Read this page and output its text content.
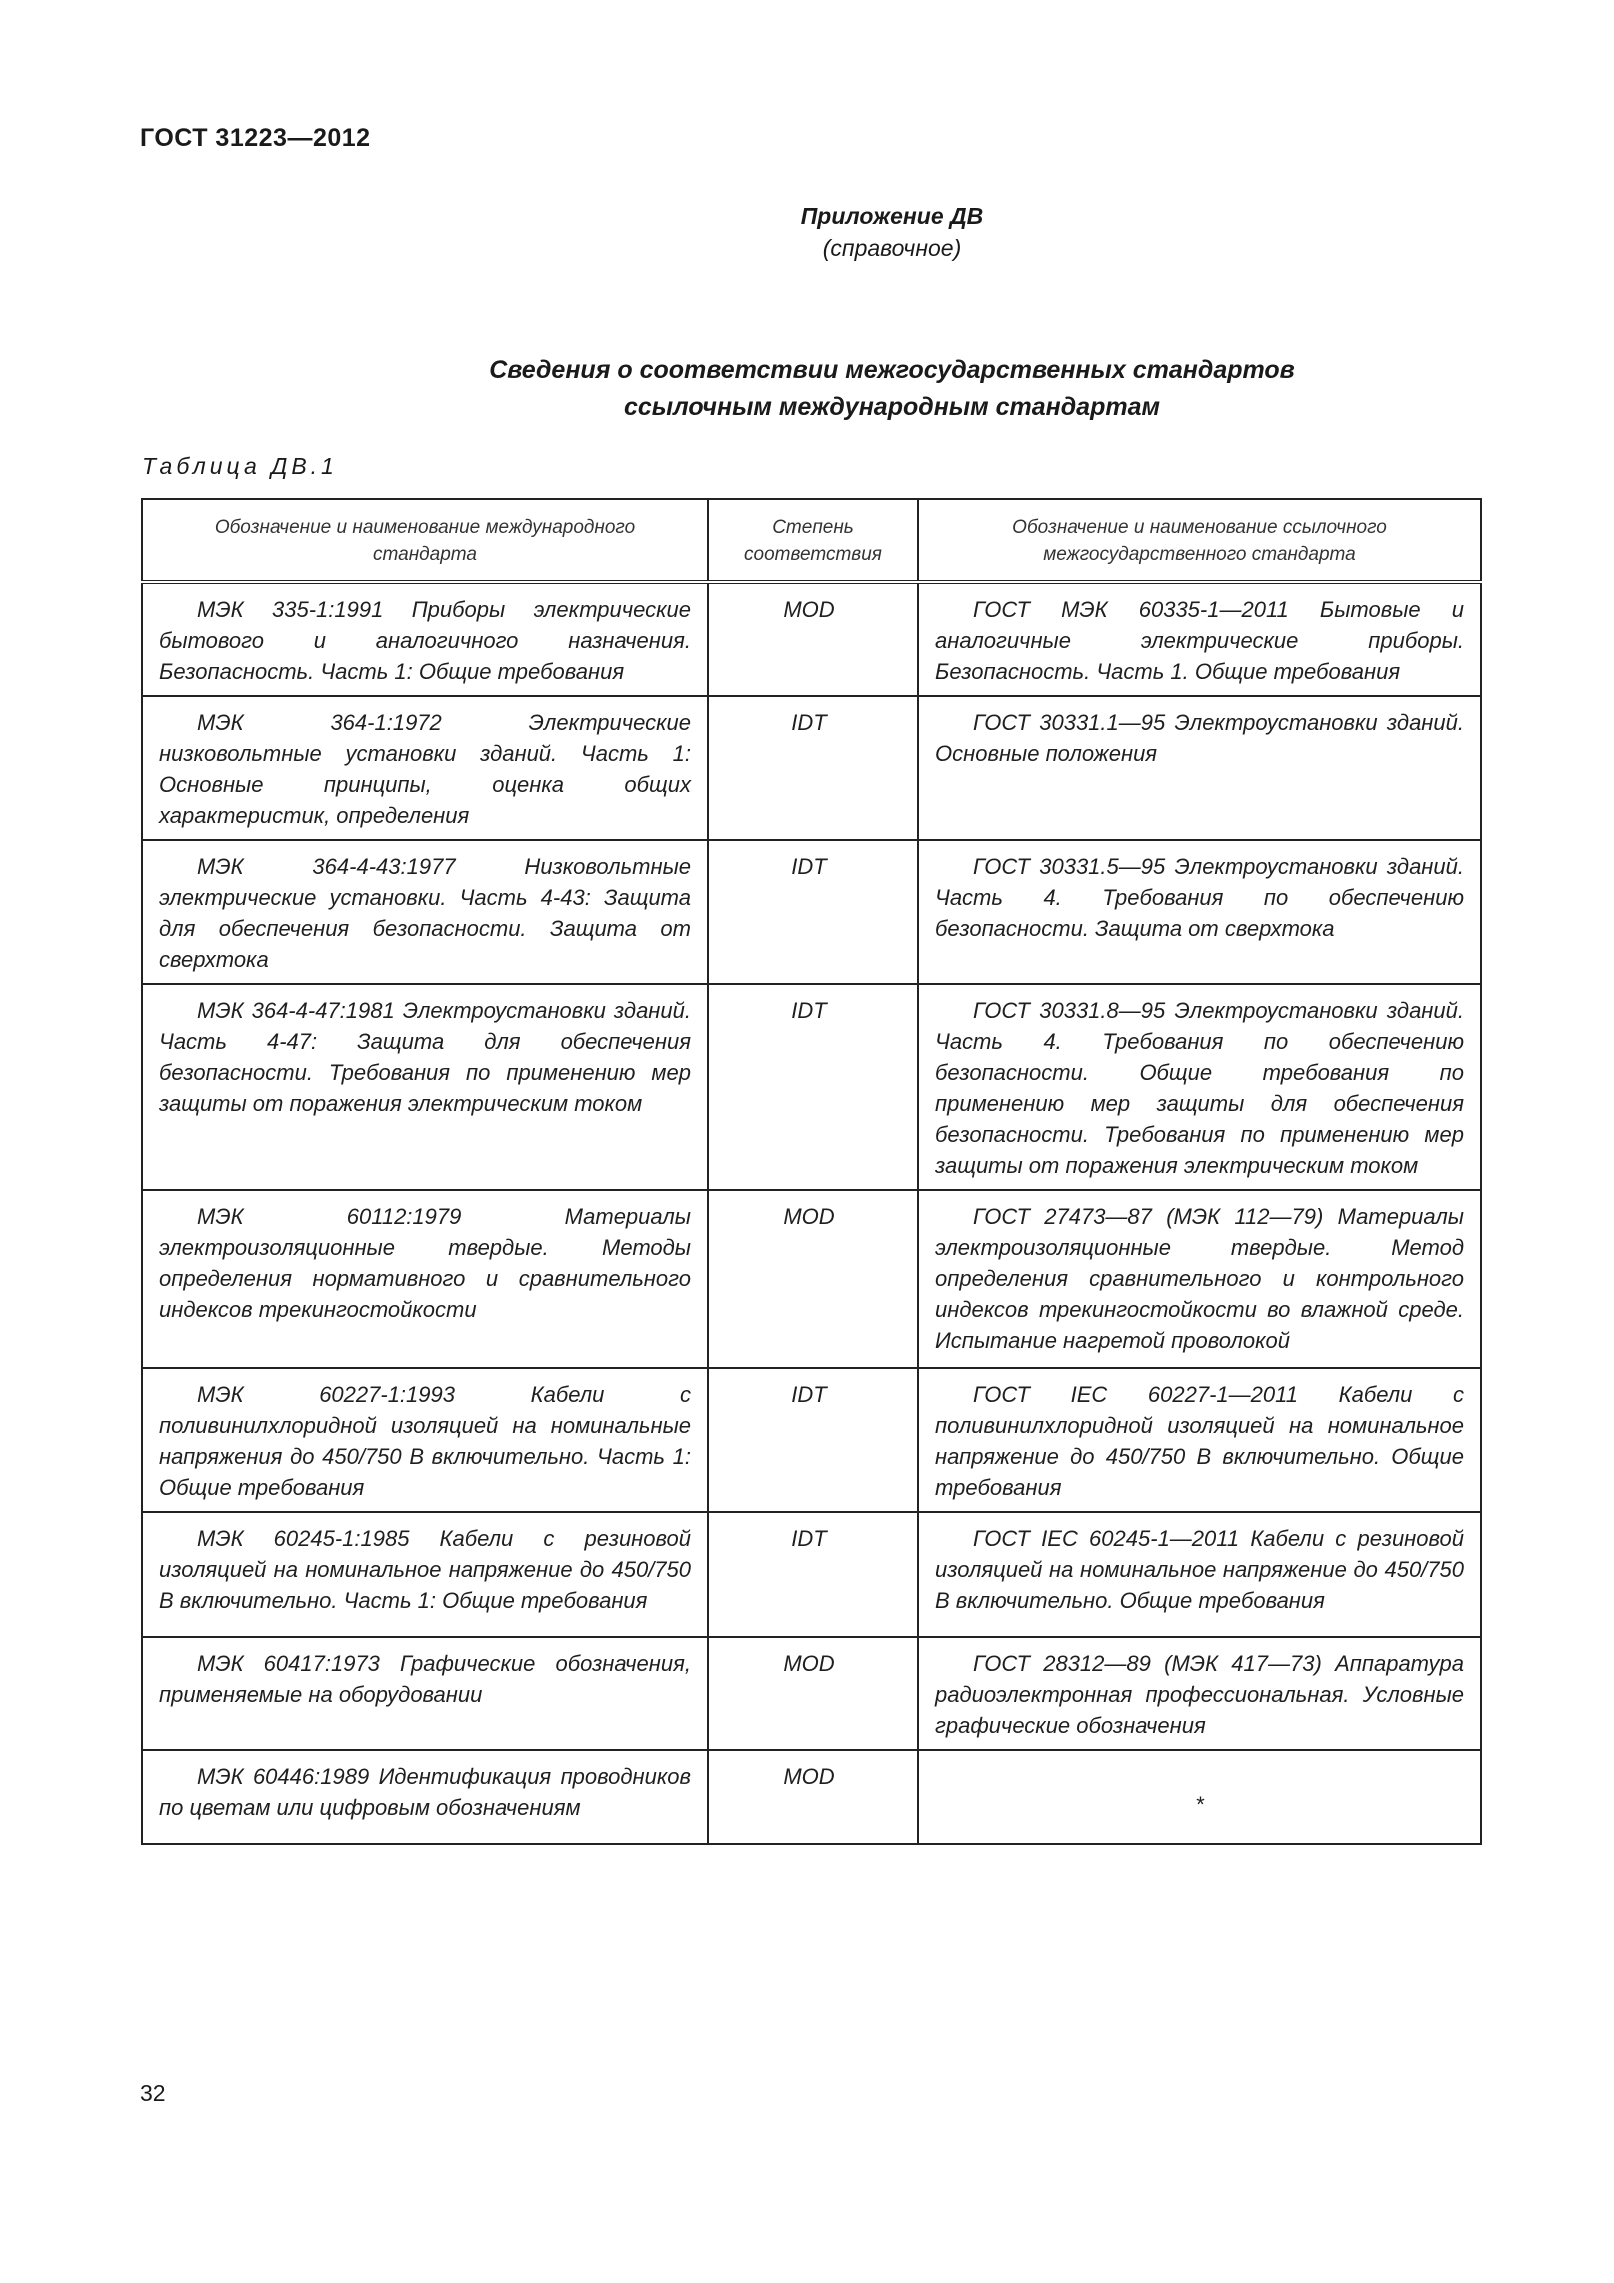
ГОСТ 31223—2012
Приложение ДВ
(справочное)
Сведения о соответствии межгосударственных стандартов
ссылочным международным стандартам
Таблица ДВ.1
Обозначение и наименование международного стандарта	Степень соответствия	Обозначение и наименование ссылочного межгосударственного стандарта

МЭК 335-1:1991 Приборы электрические бытового и аналогичного назначения. Безопасность. Часть 1: Общие требования	MOD	ГОСТ МЭК 60335-1—2011 Бытовые и аналогичные электрические приборы. Безопасность. Часть 1. Общие требования

МЭК 364-1:1972 Электрические низковольтные установки зданий. Часть 1: Основные принципы, оценка общих характеристик, определения	IDT	ГОСТ 30331.1—95 Электроустановки зданий. Основные положения

МЭК 364-4-43:1977 Низковольтные электрические установки. Часть 4-43: Защита для обеспечения безопасности. Защита от сверхтока	IDT	ГОСТ 30331.5—95 Электроустановки зданий. Часть 4. Требования по обеспечению безопасности. Защита от сверхтока

МЭК 364-4-47:1981 Электроустановки зданий. Часть 4-47: Защита для обеспечения безопасности. Требования по применению мер защиты от поражения электрическим током	IDT	ГОСТ 30331.8—95 Электроустановки зданий. Часть 4. Требования по обеспечению безопасности. Общие требования по применению мер защиты для обеспечения безопасности. Требования по применению мер защиты от поражения электрическим током

МЭК 60112:1979 Материалы электроизоляционные твердые. Методы определения нормативного и сравнительного индексов трекингостойкости	MOD	ГОСТ 27473—87 (МЭК 112—79) Материалы электроизоляционные твердые. Метод определения сравнительного и контрольного индексов трекингостойкости во влажной среде. Испытание нагретой проволокой

МЭК 60227-1:1993 Кабели с поливинилхлоридной изоляцией на номинальные напряжения до 450/750 В включительно. Часть 1: Общие требования	IDT	ГОСТ IEC 60227-1—2011 Кабели с поливинилхлоридной изоляцией на номинальное напряжение до 450/750 В включительно. Общие требования

МЭК 60245-1:1985 Кабели с резиновой изоляцией на номинальное напряжение до 450/750 В включительно. Часть 1: Общие требования	IDT	ГОСТ IEC 60245-1—2011 Кабели с резиновой изоляцией на номинальное напряжение до 450/750 В включительно. Общие требования

МЭК 60417:1973 Графические обозначения, применяемые на оборудовании	MOD	ГОСТ 28312—89 (МЭК 417—73) Аппаратура радиоэлектронная профессиональная. Условные графические обозначения

МЭК 60446:1989 Идентификация проводников по цветам или цифровым обозначениям	MOD	*
32
